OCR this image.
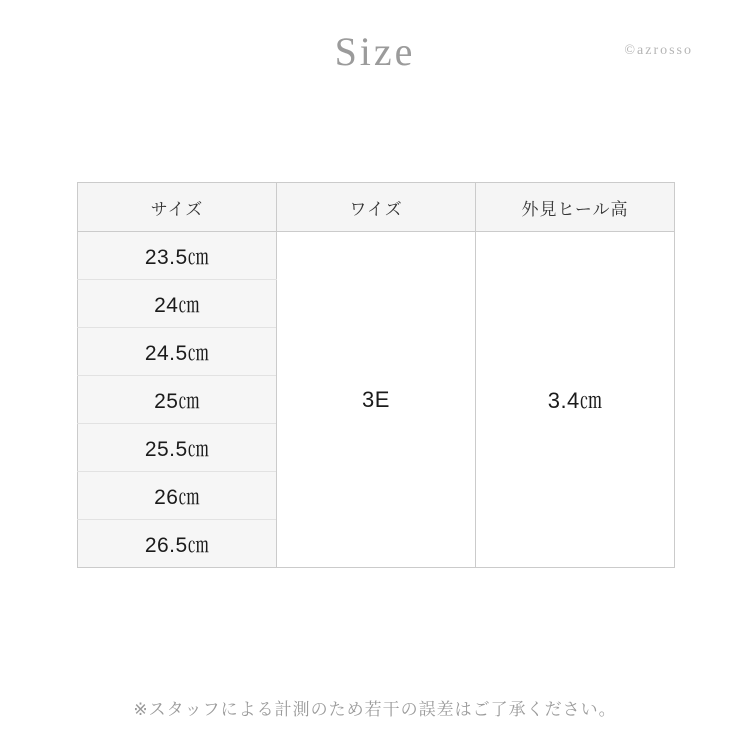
Size	©azrosso
サイズ	ワイズ	外見ヒール高
23.5㎝	3E	3.4㎝
24㎝		
24.5㎝		
25㎝		
25.5㎝		
26㎝		
26.5㎝		
※スタッフによる計測のため若干の誤差はご了承ください。
